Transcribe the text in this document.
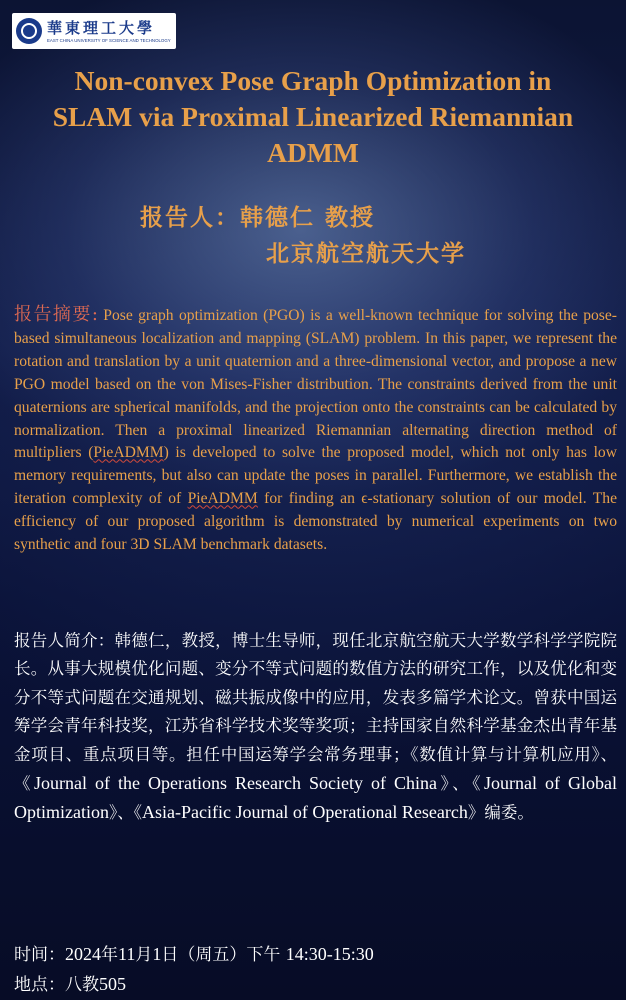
華東理工大學
EAST CHINA UNIVERSITY OF SCIENCE AND TECHNOLOGY
Non-convex Pose Graph Optimization in
SLAM via Proximal Linearized Riemannian
ADMM
报告人：韩德仁 教授
北京航空航天大学

报告摘要: Pose graph optimization (PGO) is a well-known technique for solving the pose-based simultaneous localization and mapping (SLAM) problem. In this paper, we represent the rotation and translation by a unit quaternion and a three-dimensional vector, and propose a new PGO model based on the von Mises-Fisher distribution. The constraints derived from the unit quaternions are spherical manifolds, and the projection onto the constraints can be calculated by normalization. Then a proximal linearized Riemannian alternating direction method of multipliers (PieADMM) is developed to solve the proposed model, which not only has low memory requirements, but also can update the poses in parallel. Furthermore, we establish the iteration complexity of of PieADMM for finding an ϵ-stationary solution of our model. The efficiency of our proposed algorithm is demonstrated by numerical experiments on two synthetic and four 3D SLAM benchmark datasets.

报告人简介：韩德仁，教授，博士生导师，现任北京航空航天大学数学科学学院院长。从事大规模优化问题、变分不等式问题的数值方法的研究工作，以及优化和变分不等式问题在交通规划、磁共振成像中的应用，发表多篇学术论文。曾获中国运筹学会青年科技奖，江苏省科学技术奖等奖项；主持国家自然科学基金杰出青年基金项目、重点项目等。担任中国运筹学会常务理事；《数值计算与计算机应用》、《Journal of the Operations Research Society of China》、《Journal of Global Optimization》、《Asia-Pacific Journal of Operational Research》编委。

时间：2024年11月1日（周五）下午 14:30-15:30
地点：八教505
